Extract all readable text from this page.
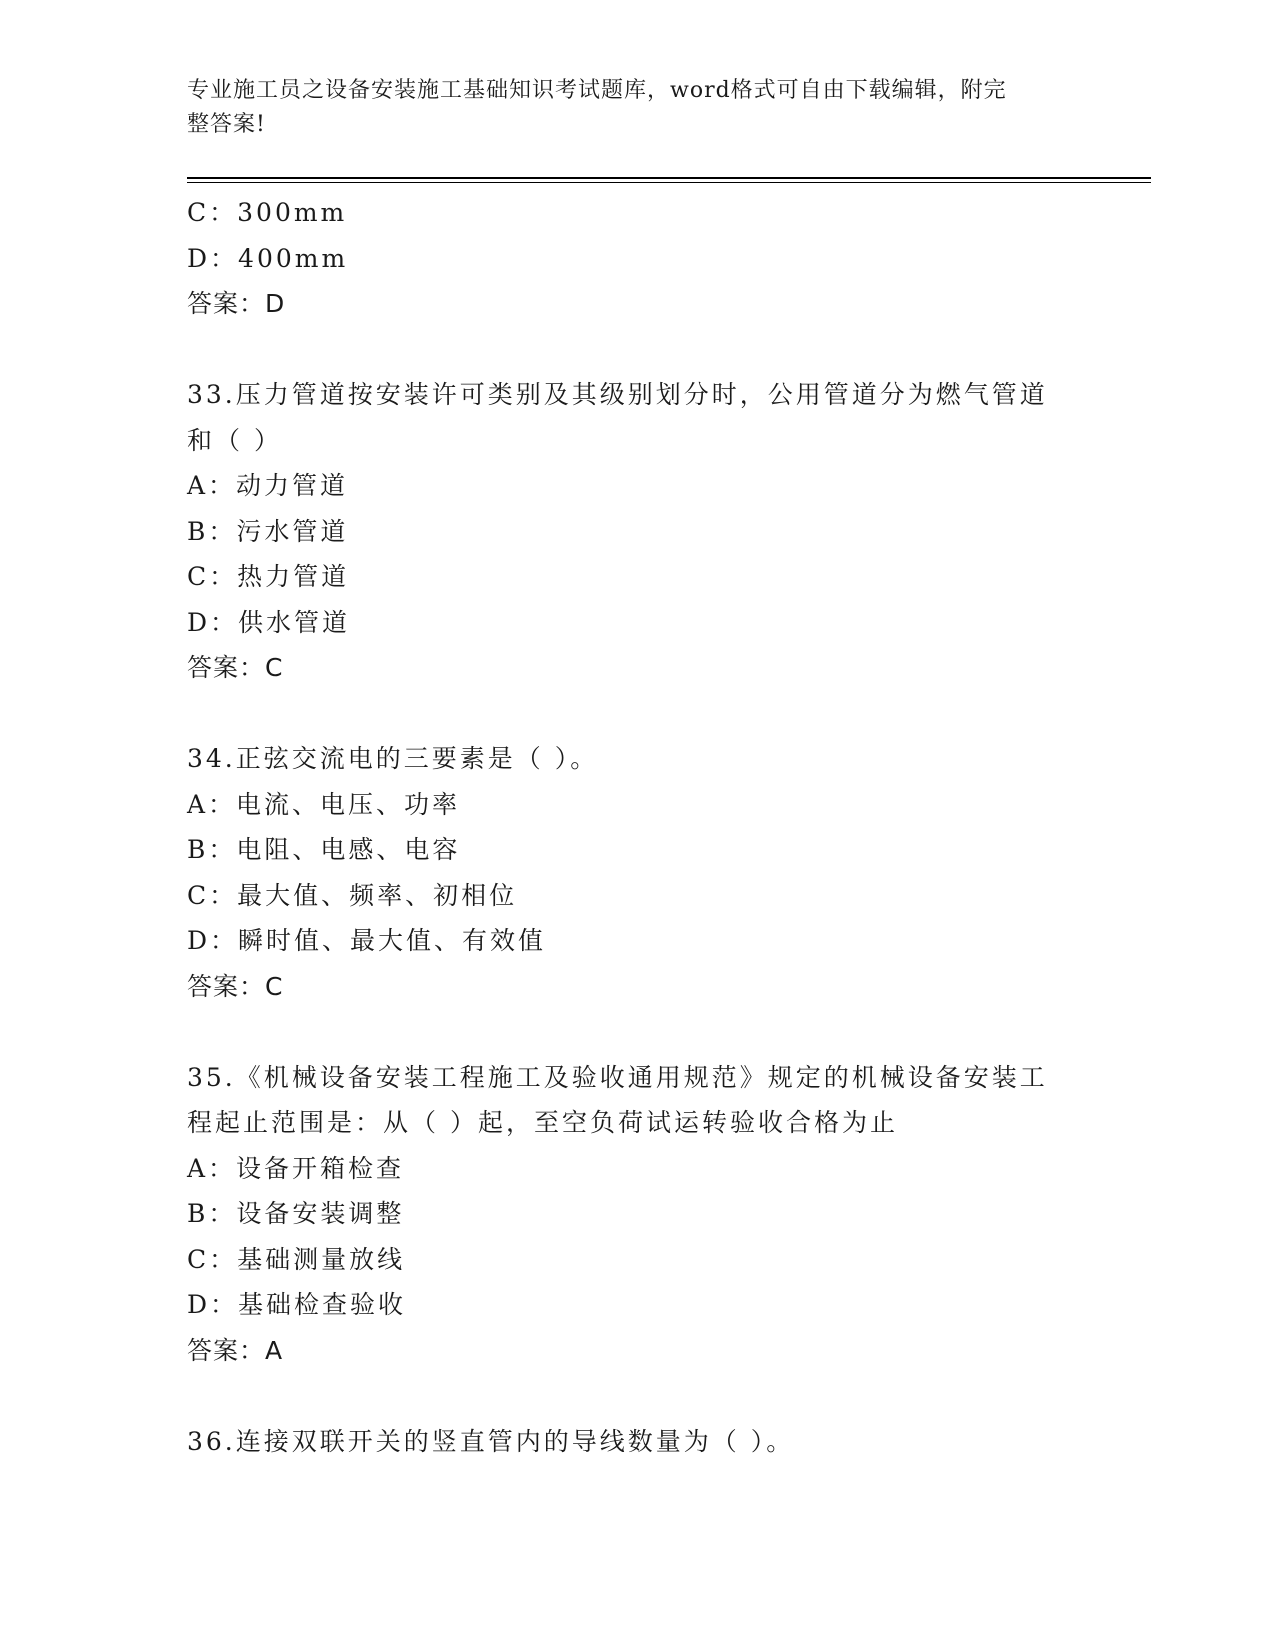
专业施工员之设备安装施工基础知识考试题库，word格式可自由下载编辑，附完
整答案!
C：300mm
D：400mm
答案：D
33.压力管道按安装许可类别及其级别划分时，公用管道分为燃气管道
和（ ）
A：动力管道
B：污水管道
C：热力管道
D：供水管道
答案：C
34.正弦交流电的三要素是（ ）。
A：电流、电压、功率
B：电阻、电感、电容
C：最大值、频率、初相位
D：瞬时值、最大值、有效值
答案：C
35.《机械设备安装工程施工及验收通用规范》规定的机械设备安装工
程起止范围是：从（ ）起，至空负荷试运转验收合格为止
A：设备开箱检查
B：设备安装调整
C：基础测量放线
D：基础检查验收
答案：A
36.连接双联开关的竖直管内的导线数量为（ ）。
